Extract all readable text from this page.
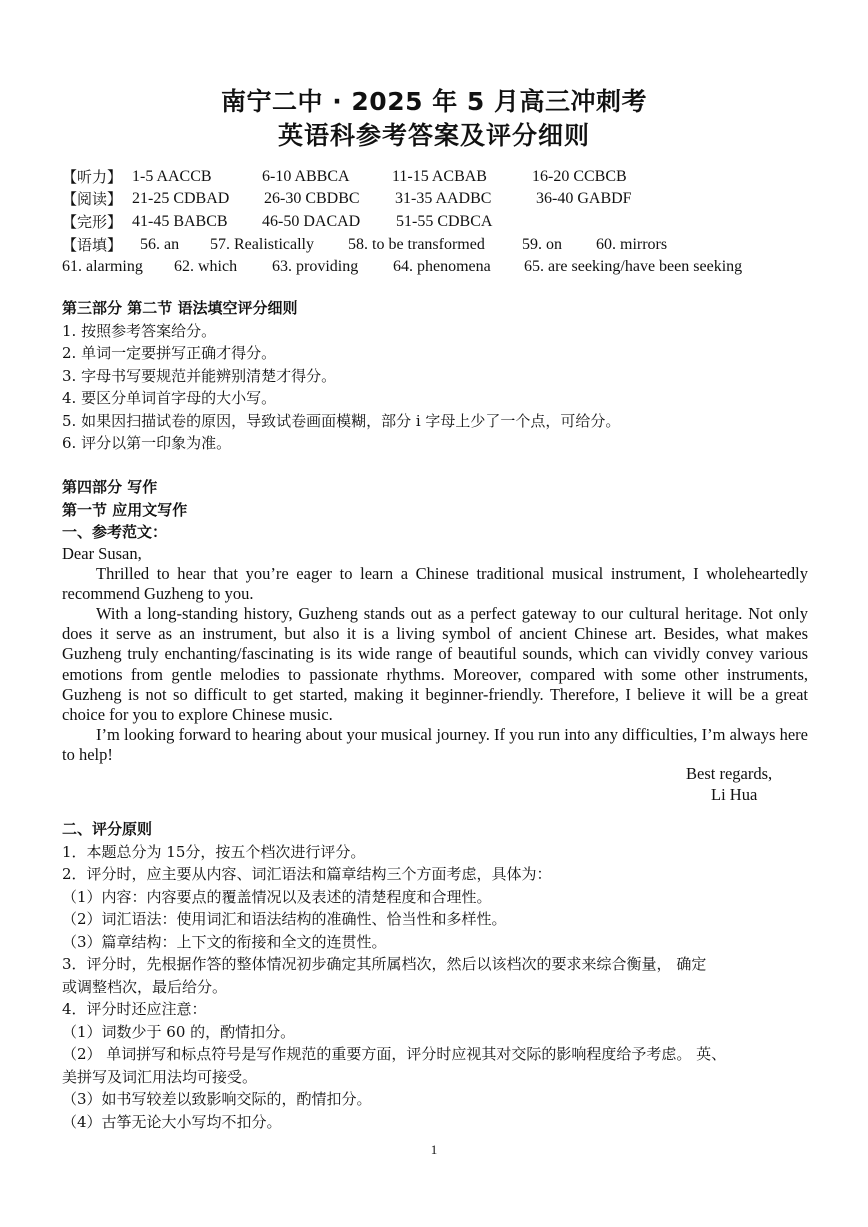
南宁二中 · 2025 年 5 月高三冲刺考
英语科参考答案及评分细则
【听力】 1-5 AACCB	6-10 ABBCA	11-15 ACBAB	16-20 CCBCB
【阅读】 21-25 CDBAD 26-30 CBDBC 31-35 AADBC	36-40 GABDF
【完形】 41-45 BABCB 46-50 DACAD 51-55 CDBCA
【语填】 56. an 57. Realistically 58. to be transformed 59. on 60. mirrors
61. alarming 62. which 63. providing 64. phenomena 65. are seeking/have been seeking
第三部分 第二节 语法填空评分细则
1. 按照参考答案给分。
2. 单词一定要拼写正确才得分。
3. 字母书写要规范并能辨别清楚才得分。
4. 要区分单词首字母的大小写。
5. 如果因扫描试卷的原因，导致试卷画面模糊，部分 i 字母上少了一个点，可给分。
6. 评分以第一印象为准。
第四部分 写作
第一节 应用文写作
一、参考范文：
Dear Susan,

Thrilled to hear that you’re eager to learn a Chinese traditional musical instrument, I wholeheartedly recommend Guzheng to you.

With a long-standing history, Guzheng stands out as a perfect gateway to our cultural heritage. Not only does it serve as an instrument, but also it is a living symbol of ancient Chinese art. Besides, what makes Guzheng truly enchanting/fascinating is its wide range of beautiful sounds, which can vividly convey various emotions from gentle melodies to passionate rhythms. Moreover, compared with some other instruments, Guzheng is not so difficult to get started, making it beginner-friendly. Therefore, I believe it will be a great choice for you to explore Chinese music.

I’m looking forward to hearing about your musical journey. If you run into any difficulties, I’m always here to help!

Best regards,
Li Hua
二、评分原则
1．本题总分为 15分，按五个档次进行评分。
2．评分时，应主要从内容、词汇语法和篇章结构三个方面考虑，具体为：
（1）内容：内容要点的覆盖情况以及表述的清楚程度和合理性。
（2）词汇语法：使用词汇和语法结构的准确性、恰当性和多样性。
（3）篇章结构：上下文的衔接和全文的连贯性。
3．评分时，先根据作答的整体情况初步确定其所属档次，然后以该档次的要求来综合衡量， 确定
或调整档次，最后给分。
4．评分时还应注意：
（1）词数少于 60 的，酌情扣分。
（2） 单词拼写和标点符号是写作规范的重要方面，评分时应视其对交际的影响程度给予考虑。 英、
美拼写及词汇用法均可接受。
（3）如书写较差以致影响交际的，酌情扣分。
（4）古筝无论大小写均不扣分。
1
